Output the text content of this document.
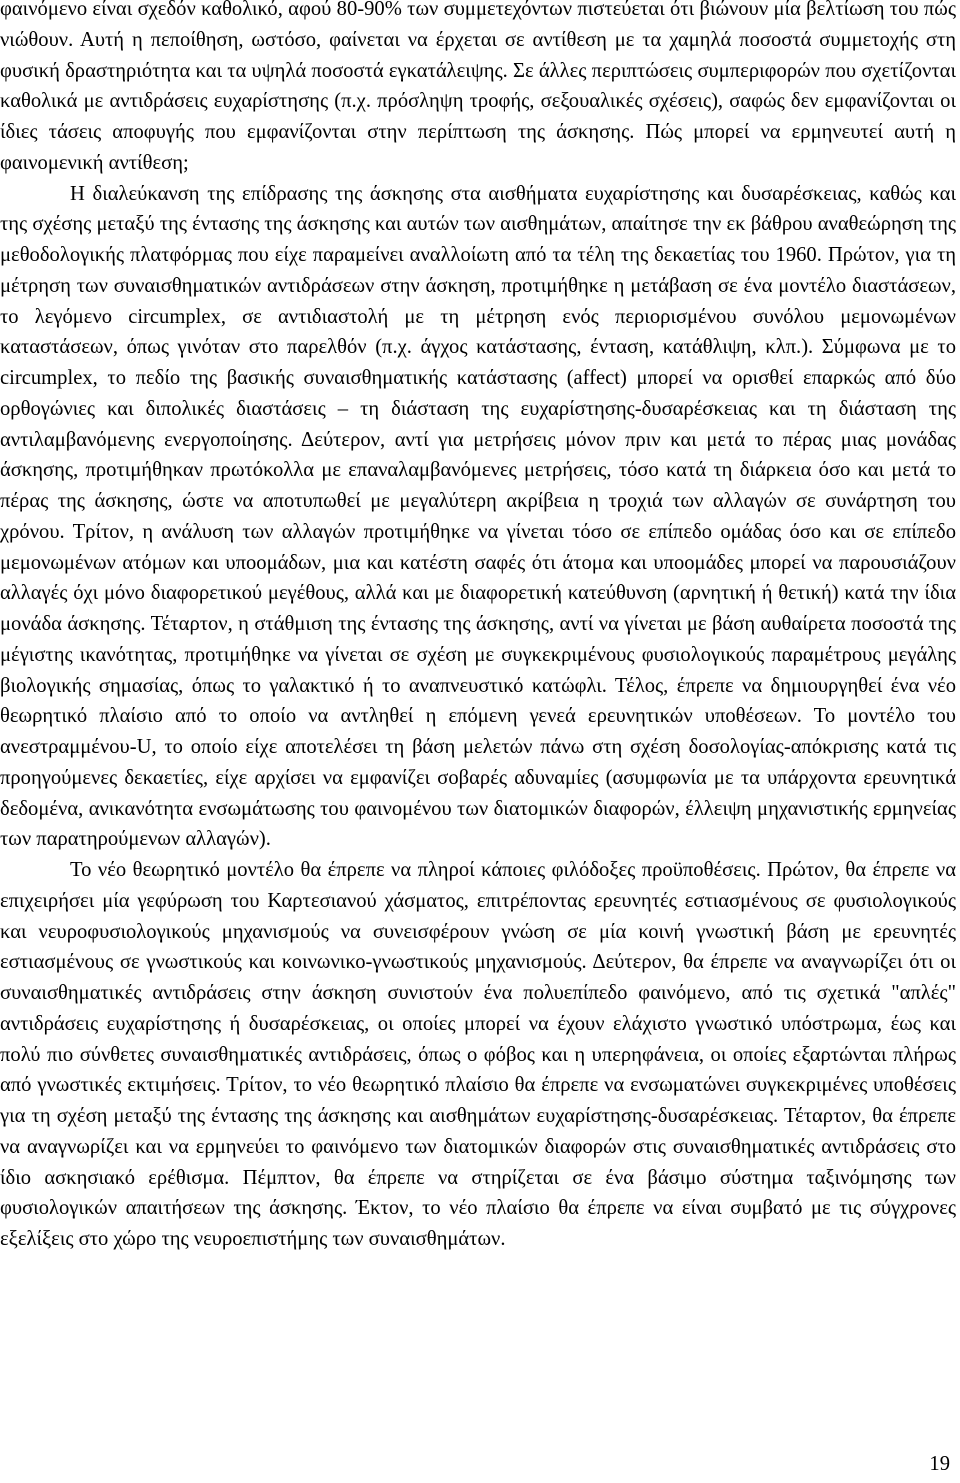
φαινόμενο είναι σχεδόν καθολικό, αφού 80-90% των συμμετεχόντων πιστεύεται ότι βιώνουν μία βελτίωση του πώς νιώθουν. Αυτή η πεποίθηση, ωστόσο, φαίνεται να έρχεται σε αντίθεση με τα χαμηλά ποσοστά συμμετοχής στη φυσική δραστηριότητα και τα υψηλά ποσοστά εγκατάλειψης. Σε άλλες περιπτώσεις συμπεριφορών που σχετίζονται καθολικά με αντιδράσεις ευχαρίστησης (π.χ. πρόσληψη τροφής, σεξουαλικές σχέσεις), σαφώς δεν εμφανίζονται οι ίδιες τάσεις αποφυγής που εμφανίζονται στην περίπτωση της άσκησης. Πώς μπορεί να ερμηνευτεί αυτή η φαινομενική αντίθεση;

Η διαλεύκανση της επίδρασης της άσκησης στα αισθήματα ευχαρίστησης και δυσαρέσκειας, καθώς και της σχέσης μεταξύ της έντασης της άσκησης και αυτών των αισθημάτων, απαίτησε την εκ βάθρου αναθεώρηση της μεθοδολογικής πλατφόρμας που είχε παραμείνει αναλλοίωτη από τα τέλη της δεκαετίας του 1960. Πρώτον, για τη μέτρηση των συναισθηματικών αντιδράσεων στην άσκηση, προτιμήθηκε η μετάβαση σε ένα μοντέλο διαστάσεων, το λεγόμενο circumplex, σε αντιδιαστολή με τη μέτρηση ενός περιορισμένου συνόλου μεμονωμένων καταστάσεων, όπως γινόταν στο παρελθόν (π.χ. άγχος κατάστασης, ένταση, κατάθλιψη, κλπ.). Σύμφωνα με το circumplex, το πεδίο της βασικής συναισθηματικής κατάστασης (affect) μπορεί να ορισθεί επαρκώς από δύο ορθογώνιες και διπολικές διαστάσεις – τη διάσταση της ευχαρίστησης-δυσαρέσκειας και τη διάσταση της αντιλαμβανόμενης ενεργοποίησης. Δεύτερον, αντί για μετρήσεις μόνον πριν και μετά το πέρας μιας μονάδας άσκησης, προτιμήθηκαν πρωτόκολλα με επαναλαμβανόμενες μετρήσεις, τόσο κατά τη διάρκεια όσο και μετά το πέρας της άσκησης, ώστε να αποτυπωθεί με μεγαλύτερη ακρίβεια η τροχιά των αλλαγών σε συνάρτηση του χρόνου. Τρίτον, η ανάλυση των αλλαγών προτιμήθηκε να γίνεται τόσο σε επίπεδο ομάδας όσο και σε επίπεδο μεμονωμένων ατόμων και υποομάδων, μια και κατέστη σαφές ότι άτομα και υποομάδες μπορεί να παρουσιάζουν αλλαγές όχι μόνο διαφορετικού μεγέθους, αλλά και με διαφορετική κατεύθυνση (αρνητική ή θετική) κατά την ίδια μονάδα άσκησης. Τέταρτον, η στάθμιση της έντασης της άσκησης, αντί να γίνεται με βάση αυθαίρετα ποσοστά της μέγιστης ικανότητας, προτιμήθηκε να γίνεται σε σχέση με συγκεκριμένους φυσιολογικούς παραμέτρους μεγάλης βιολογικής σημασίας, όπως το γαλακτικό ή το αναπνευστικό κατώφλι. Τέλος, έπρεπε να δημιουργηθεί ένα νέο θεωρητικό πλαίσιο από το οποίο να αντληθεί η επόμενη γενεά ερευνητικών υποθέσεων. Το μοντέλο του ανεστραμμένου-U, το οποίο είχε αποτελέσει τη βάση μελετών πάνω στη σχέση δοσολογίας-απόκρισης κατά τις προηγούμενες δεκαετίες, είχε αρχίσει να εμφανίζει σοβαρές αδυναμίες (ασυμφωνία με τα υπάρχοντα ερευνητικά δεδομένα, ανικανότητα ενσωμάτωσης του φαινομένου των διατομικών διαφορών, έλλειψη μηχανιστικής ερμηνείας των παρατηρούμενων αλλαγών).

Το νέο θεωρητικό μοντέλο θα έπρεπε να πληροί κάποιες φιλόδοξες προϋποθέσεις. Πρώτον, θα έπρεπε να επιχειρήσει μία γεφύρωση του Καρτεσιανού χάσματος, επιτρέποντας ερευνητές εστιασμένους σε φυσιολογικούς και νευροφυσιολογικούς μηχανισμούς να συνεισφέρουν γνώση σε μία κοινή γνωστική βάση με ερευνητές εστιασμένους σε γνωστικούς και κοινωνικο-γνωστικούς μηχανισμούς. Δεύτερον, θα έπρεπε να αναγνωρίζει ότι οι συναισθηματικές αντιδράσεις στην άσκηση συνιστούν ένα πολυεπίπεδο φαινόμενο, από τις σχετικά "απλές" αντιδράσεις ευχαρίστησης ή δυσαρέσκειας, οι οποίες μπορεί να έχουν ελάχιστο γνωστικό υπόστρωμα, έως και πολύ πιο σύνθετες συναισθηματικές αντιδράσεις, όπως ο φόβος και η υπερηφάνεια, οι οποίες εξαρτώνται πλήρως από γνωστικές εκτιμήσεις. Τρίτον, το νέο θεωρητικό πλαίσιο θα έπρεπε να ενσωματώνει συγκεκριμένες υποθέσεις για τη σχέση μεταξύ της έντασης της άσκησης και αισθημάτων ευχαρίστησης-δυσαρέσκειας. Τέταρτον, θα έπρεπε να αναγνωρίζει και να ερμηνεύει το φαινόμενο των διατομικών διαφορών στις συναισθηματικές αντιδράσεις στο ίδιο ασκησιακό ερέθισμα. Πέμπτον, θα έπρεπε να στηρίζεται σε ένα βάσιμο σύστημα ταξινόμησης των φυσιολογικών απαιτήσεων της άσκησης. Έκτον, το νέο πλαίσιο θα έπρεπε να είναι συμβατό με τις σύγχρονες εξελίξεις στο χώρο της νευροεπιστήμης των συναισθημάτων.

19
